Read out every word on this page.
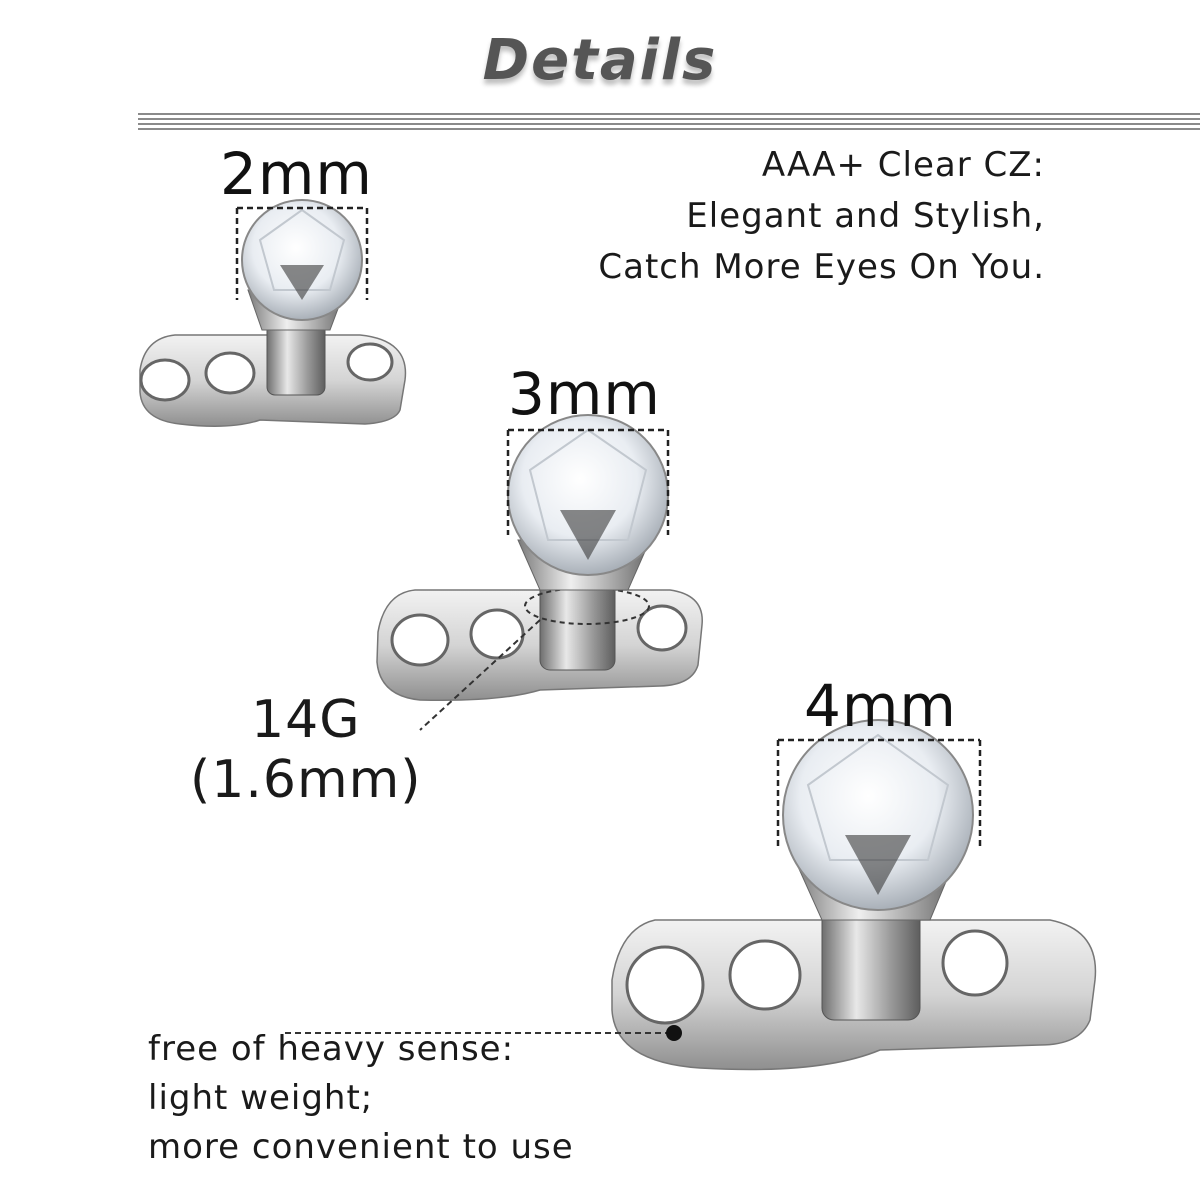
Details
2mm
3mm
4mm
AAA+ Clear CZ:
Elegant and Stylish,
Catch More Eyes On You.
14G
(1.6mm)
free of heavy sense:
light weight;
more convenient to use
